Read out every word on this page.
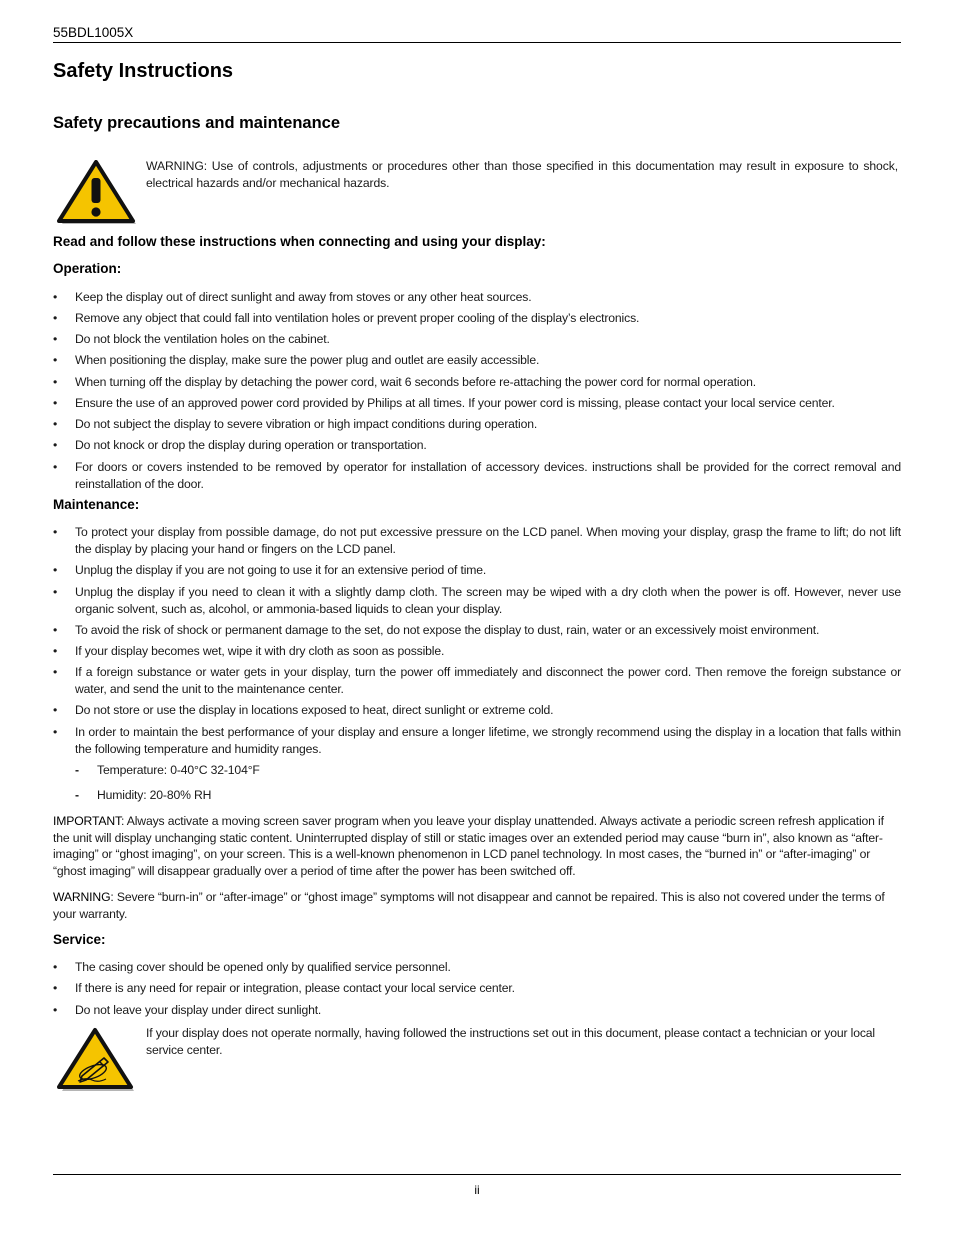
55BDL1005X
Safety Instructions
Safety precautions and maintenance
WARNING: Use of controls, adjustments or procedures other than those specified in this documentation may result in exposure to shock, electrical hazards and/or mechanical hazards.
Read and follow these instructions when connecting and using your display:
Operation:
• Keep the display out of direct sunlight and away from stoves or any other heat sources.
• Remove any object that could fall into ventilation holes or prevent proper cooling of the display’s electronics.
• Do not block the ventilation holes on the cabinet.
• When positioning the display, make sure the power plug and outlet are easily accessible.
• When turning off the display by detaching the power cord, wait 6 seconds before re-attaching the power cord for normal operation.
• Ensure the use of an approved power cord provided by Philips at all times. If your power cord is missing, please contact your local service center.
• Do not subject the display to severe vibration or high impact conditions during operation.
• Do not knock or drop the display during operation or transportation.
• For doors or covers instended to be removed by operator for installation of accessory devices. instructions shall be provided for the correct removal and reinstallation of the door.
Maintenance:
• To protect your display from possible damage, do not put excessive pressure on the LCD panel. When moving your display, grasp the frame to lift; do not lift the display by placing your hand or fingers on the LCD panel.
• Unplug the display if you are not going to use it for an extensive period of time.
• Unplug the display if you need to clean it with a slightly damp cloth. The screen may be wiped with a dry cloth when the power is off. However, never use organic solvent, such as, alcohol, or ammonia-based liquids to clean your display.
• To avoid the risk of shock or permanent damage to the set, do not expose the display to dust, rain, water or an excessively moist environment.
• If your display becomes wet, wipe it with dry cloth as soon as possible.
• If a foreign substance or water gets in your display, turn the power off immediately and disconnect the power cord. Then remove the foreign substance or water, and send the unit to the maintenance center.
• Do not store or use the display in locations exposed to heat, direct sunlight or extreme cold.
• In order to maintain the best performance of your display and ensure a longer lifetime, we strongly recommend using the display in a location that falls within the following temperature and humidity ranges.
- Temperature: 0-40°C 32-104°F
- Humidity: 20-80% RH
IMPORTANT: Always activate a moving screen saver program when you leave your display unattended. Always activate a periodic screen refresh application if the unit will display unchanging static content. Uninterrupted display of still or static images over an extended period may cause “burn in”, also known as “after-imaging” or “ghost imaging”, on your screen. This is a well-known phenomenon in LCD panel technology. In most cases, the “burned in” or “after-imaging” or “ghost imaging” will disappear gradually over a period of time after the power has been switched off.
WARNING: Severe “burn-in” or “after-image” or “ghost image” symptoms will not disappear and cannot be repaired. This is also not covered under the terms of your warranty.
Service:
• The casing cover should be opened only by qualified service personnel.
• If there is any need for repair or integration, please contact your local service center.
• Do not leave your display under direct sunlight.
If your display does not operate normally, having followed the instructions set out in this document, please contact a technician or your local service center.
ii
